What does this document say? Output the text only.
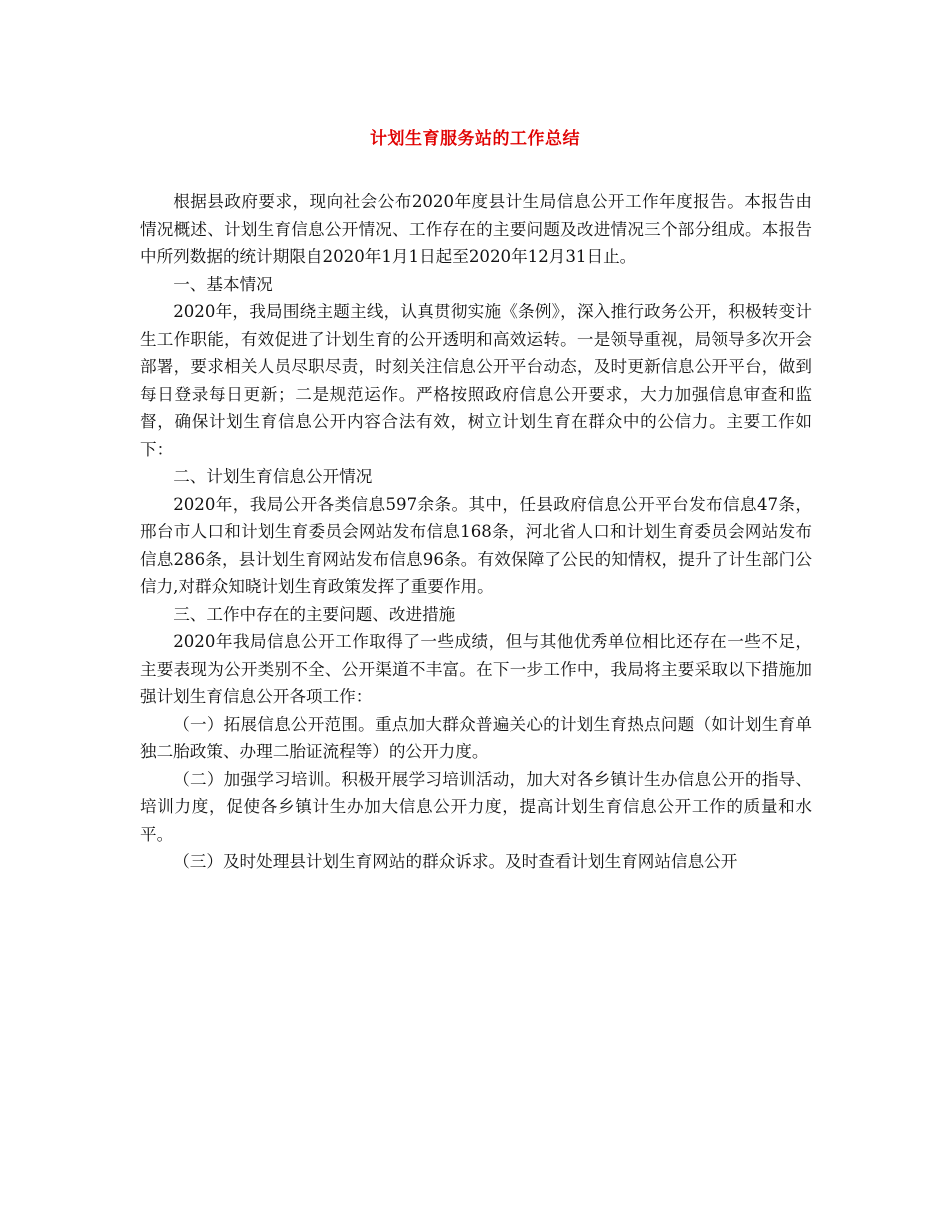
计划生育服务站的工作总结

根据县政府要求，现向社会公布2020年度县计生局信息公开工作年度报告。本报告由情况概述、计划生育信息公开情况、工作存在的主要问题及改进情况三个部分组成。本报告中所列数据的统计期限自2020年1月1日起至2020年12月31日止。

一、基本情况

2020年，我局围绕主题主线，认真贯彻实施《条例》，深入推行政务公开，积极转变计生工作职能，有效促进了计划生育的公开透明和高效运转。一是领导重视，局领导多次开会部署，要求相关人员尽职尽责，时刻关注信息公开平台动态，及时更新信息公开平台，做到每日登录每日更新；二是规范运作。严格按照政府信息公开要求，大力加强信息审查和监督，确保计划生育信息公开内容合法有效，树立计划生育在群众中的公信力。主要工作如下：

二、计划生育信息公开情况

2020年，我局公开各类信息597余条。其中，任县政府信息公开平台发布信息47条，邢台市人口和计划生育委员会网站发布信息168条，河北省人口和计划生育委员会网站发布信息286条，县计划生育网站发布信息96条。有效保障了公民的知情权，提升了计生部门公信力,对群众知晓计划生育政策发挥了重要作用。

三、工作中存在的主要问题、改进措施

2020年我局信息公开工作取得了一些成绩，但与其他优秀单位相比还存在一些不足，主要表现为公开类别不全、公开渠道不丰富。在下一步工作中，我局将主要采取以下措施加强计划生育信息公开各项工作：

（一）拓展信息公开范围。重点加大群众普遍关心的计划生育热点问题（如计划生育单独二胎政策、办理二胎证流程等）的公开力度。

（二）加强学习培训。积极开展学习培训活动，加大对各乡镇计生办信息公开的指导、培训力度，促使各乡镇计生办加大信息公开力度，提高计划生育信息公开工作的质量和水平。

（三）及时处理县计划生育网站的群众诉求。及时查看计划生育网站信息公开
